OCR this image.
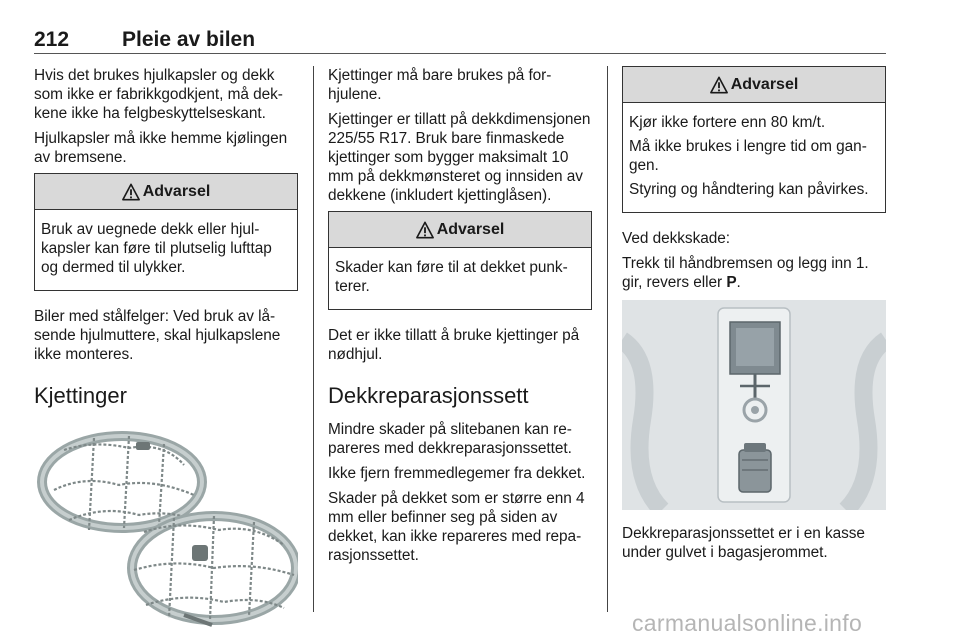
212	Pleie av bilen

Hvis det brukes hjulkapsler og dekk som ikke er fabrikkgodkjent, må dekkene ikke ha felgbeskyttelseskant.

Hjulkapsler må ikke hemme kjølingen av bremsene.

Advarsel

Bruk av uegnede dekk eller hjulkapsler kan føre til plutselig lufttap og dermed til ulykker.

Biler med stålfelger: Ved bruk av låsende hjulmuttere, skal hjulkapslene ikke monteres.

Kjettinger

Kjettinger må bare brukes på forhjulene.

Kjettinger er tillatt på dekkdimensjonen 225/55 R17. Bruk bare finmaskede kjettinger som bygger maksimalt 10 mm på dekkmønsteret og innsiden av dekkene (inkludert kjettinglåsen).

Advarsel

Skader kan føre til at dekket punkterer.

Det er ikke tillatt å bruke kjettinger på nødhjul.

Dekkreparasjonssett

Mindre skader på slitebanen kan repareres med dekkreparasjonssettet.

Ikke fjern fremmedlegemer fra dekket.

Skader på dekket som er større enn 4 mm eller befinner seg på siden av dekket, kan ikke repareres med reparasjonssettet.

Advarsel

Kjør ikke fortere enn 80 km/t.

Må ikke brukes i lengre tid om gangen.

Styring og håndtering kan påvirkes.

Ved dekkskade:

Trekk til håndbremsen og legg inn 1. gir, revers eller P.

Dekkreparasjonssettet er i en kasse under gulvet i bagasjerommet.

carmanualsonline.info
